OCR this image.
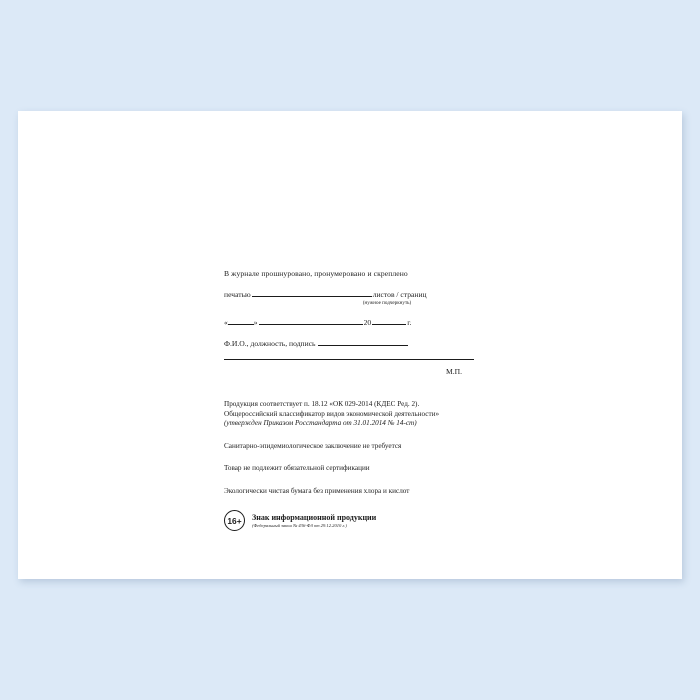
В журнале прошнуровано, пронумеровано и скреплено
печатью	листов / страниц
(нужное подчеркнуть)
«	»	20	г.
Ф.И.О., должность, подпись
М.П.
Продукция соответствует п. 18.12 «ОК 029-2014 (КДЕС Ред. 2).
Общероссийский классификатор видов экономической деятельности»
(утвержден Приказом Росстандарта от 31.01.2014 № 14-ст)
Санитарно-эпидемиологическое заключение не требуется
Товар не подлежит обязательной сертификации
Экологически чистая бумага без применения хлора и кислот
16+	Знак информационной продукции
(Федеральный закон № 436-ФЗ от 29.12.2010 г.)
